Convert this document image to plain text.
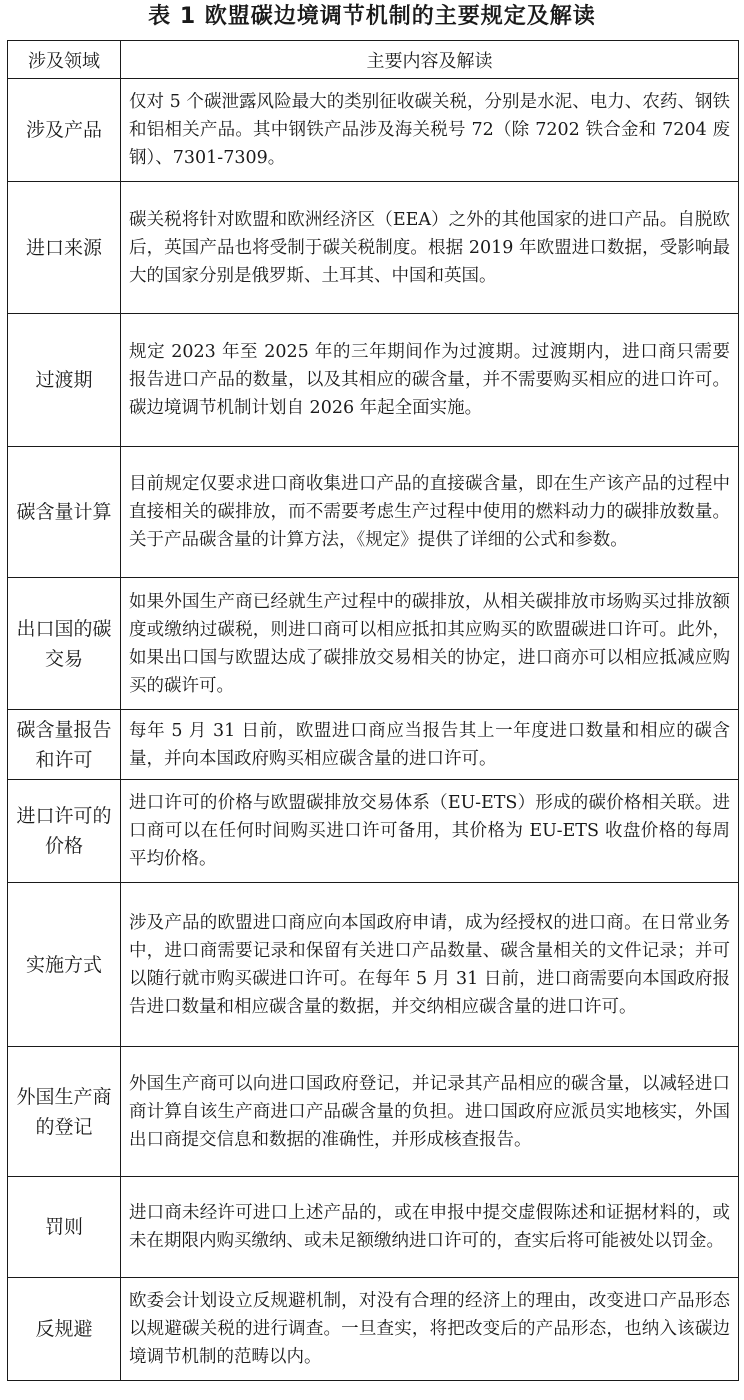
表 1 欧盟碳边境调节机制的主要规定及解读
涉及领域	主要内容及解读
涉及产品	仅对 5 个碳泄露风险最大的类别征收碳关税，分别是水泥、电力、农药、钢铁和铝相关产品。其中钢铁产品涉及海关税号 72（除 7202 铁合金和 7204 废钢）、7301-7309。
进口来源	碳关税将针对欧盟和欧洲经济区（EEA）之外的其他国家的进口产品。自脱欧后，英国产品也将受制于碳关税制度。根据 2019 年欧盟进口数据，受影响最大的国家分别是俄罗斯、土耳其、中国和英国。
过渡期	规定 2023 年至 2025 年的三年期间作为过渡期。过渡期内，进口商只需要报告进口产品的数量，以及其相应的碳含量，并不需要购买相应的进口许可。碳边境调节机制计划自 2026 年起全面实施。
碳含量计算	目前规定仅要求进口商收集进口产品的直接碳含量，即在生产该产品的过程中直接相关的碳排放，而不需要考虑生产过程中使用的燃料动力的碳排放数量。关于产品碳含量的计算方法，《规定》提供了详细的公式和参数。
出口国的碳交易	如果外国生产商已经就生产过程中的碳排放，从相关碳排放市场购买过排放额度或缴纳过碳税，则进口商可以相应抵扣其应购买的欧盟碳进口许可。此外，如果出口国与欧盟达成了碳排放交易相关的协定，进口商亦可以相应抵减应购买的碳许可。
碳含量报告和许可	每年 5 月 31 日前，欧盟进口商应当报告其上一年度进口数量和相应的碳含量，并向本国政府购买相应碳含量的进口许可。
进口许可的价格	进口许可的价格与欧盟碳排放交易体系（EU-ETS）形成的碳价格相关联。进口商可以在任何时间购买进口许可备用，其价格为 EU-ETS 收盘价格的每周平均价格。
实施方式	涉及产品的欧盟进口商应向本国政府申请，成为经授权的进口商。在日常业务中，进口商需要记录和保留有关进口产品数量、碳含量相关的文件记录；并可以随行就市购买碳进口许可。在每年 5 月 31 日前，进口商需要向本国政府报告进口数量和相应碳含量的数据，并交纳相应碳含量的进口许可。
外国生产商的登记	外国生产商可以向进口国政府登记，并记录其产品相应的碳含量，以减轻进口商计算自该生产商进口产品碳含量的负担。进口国政府应派员实地核实，外国出口商提交信息和数据的准确性，并形成核查报告。
罚则	进口商未经许可进口上述产品的，或在申报中提交虚假陈述和证据材料的，或未在期限内购买缴纳、或未足额缴纳进口许可的，查实后将可能被处以罚金。
反规避	欧委会计划设立反规避机制，对没有合理的经济上的理由，改变进口产品形态以规避碳关税的进行调查。一旦查实，将把改变后的产品形态，也纳入该碳边境调节机制的范畴以内。
